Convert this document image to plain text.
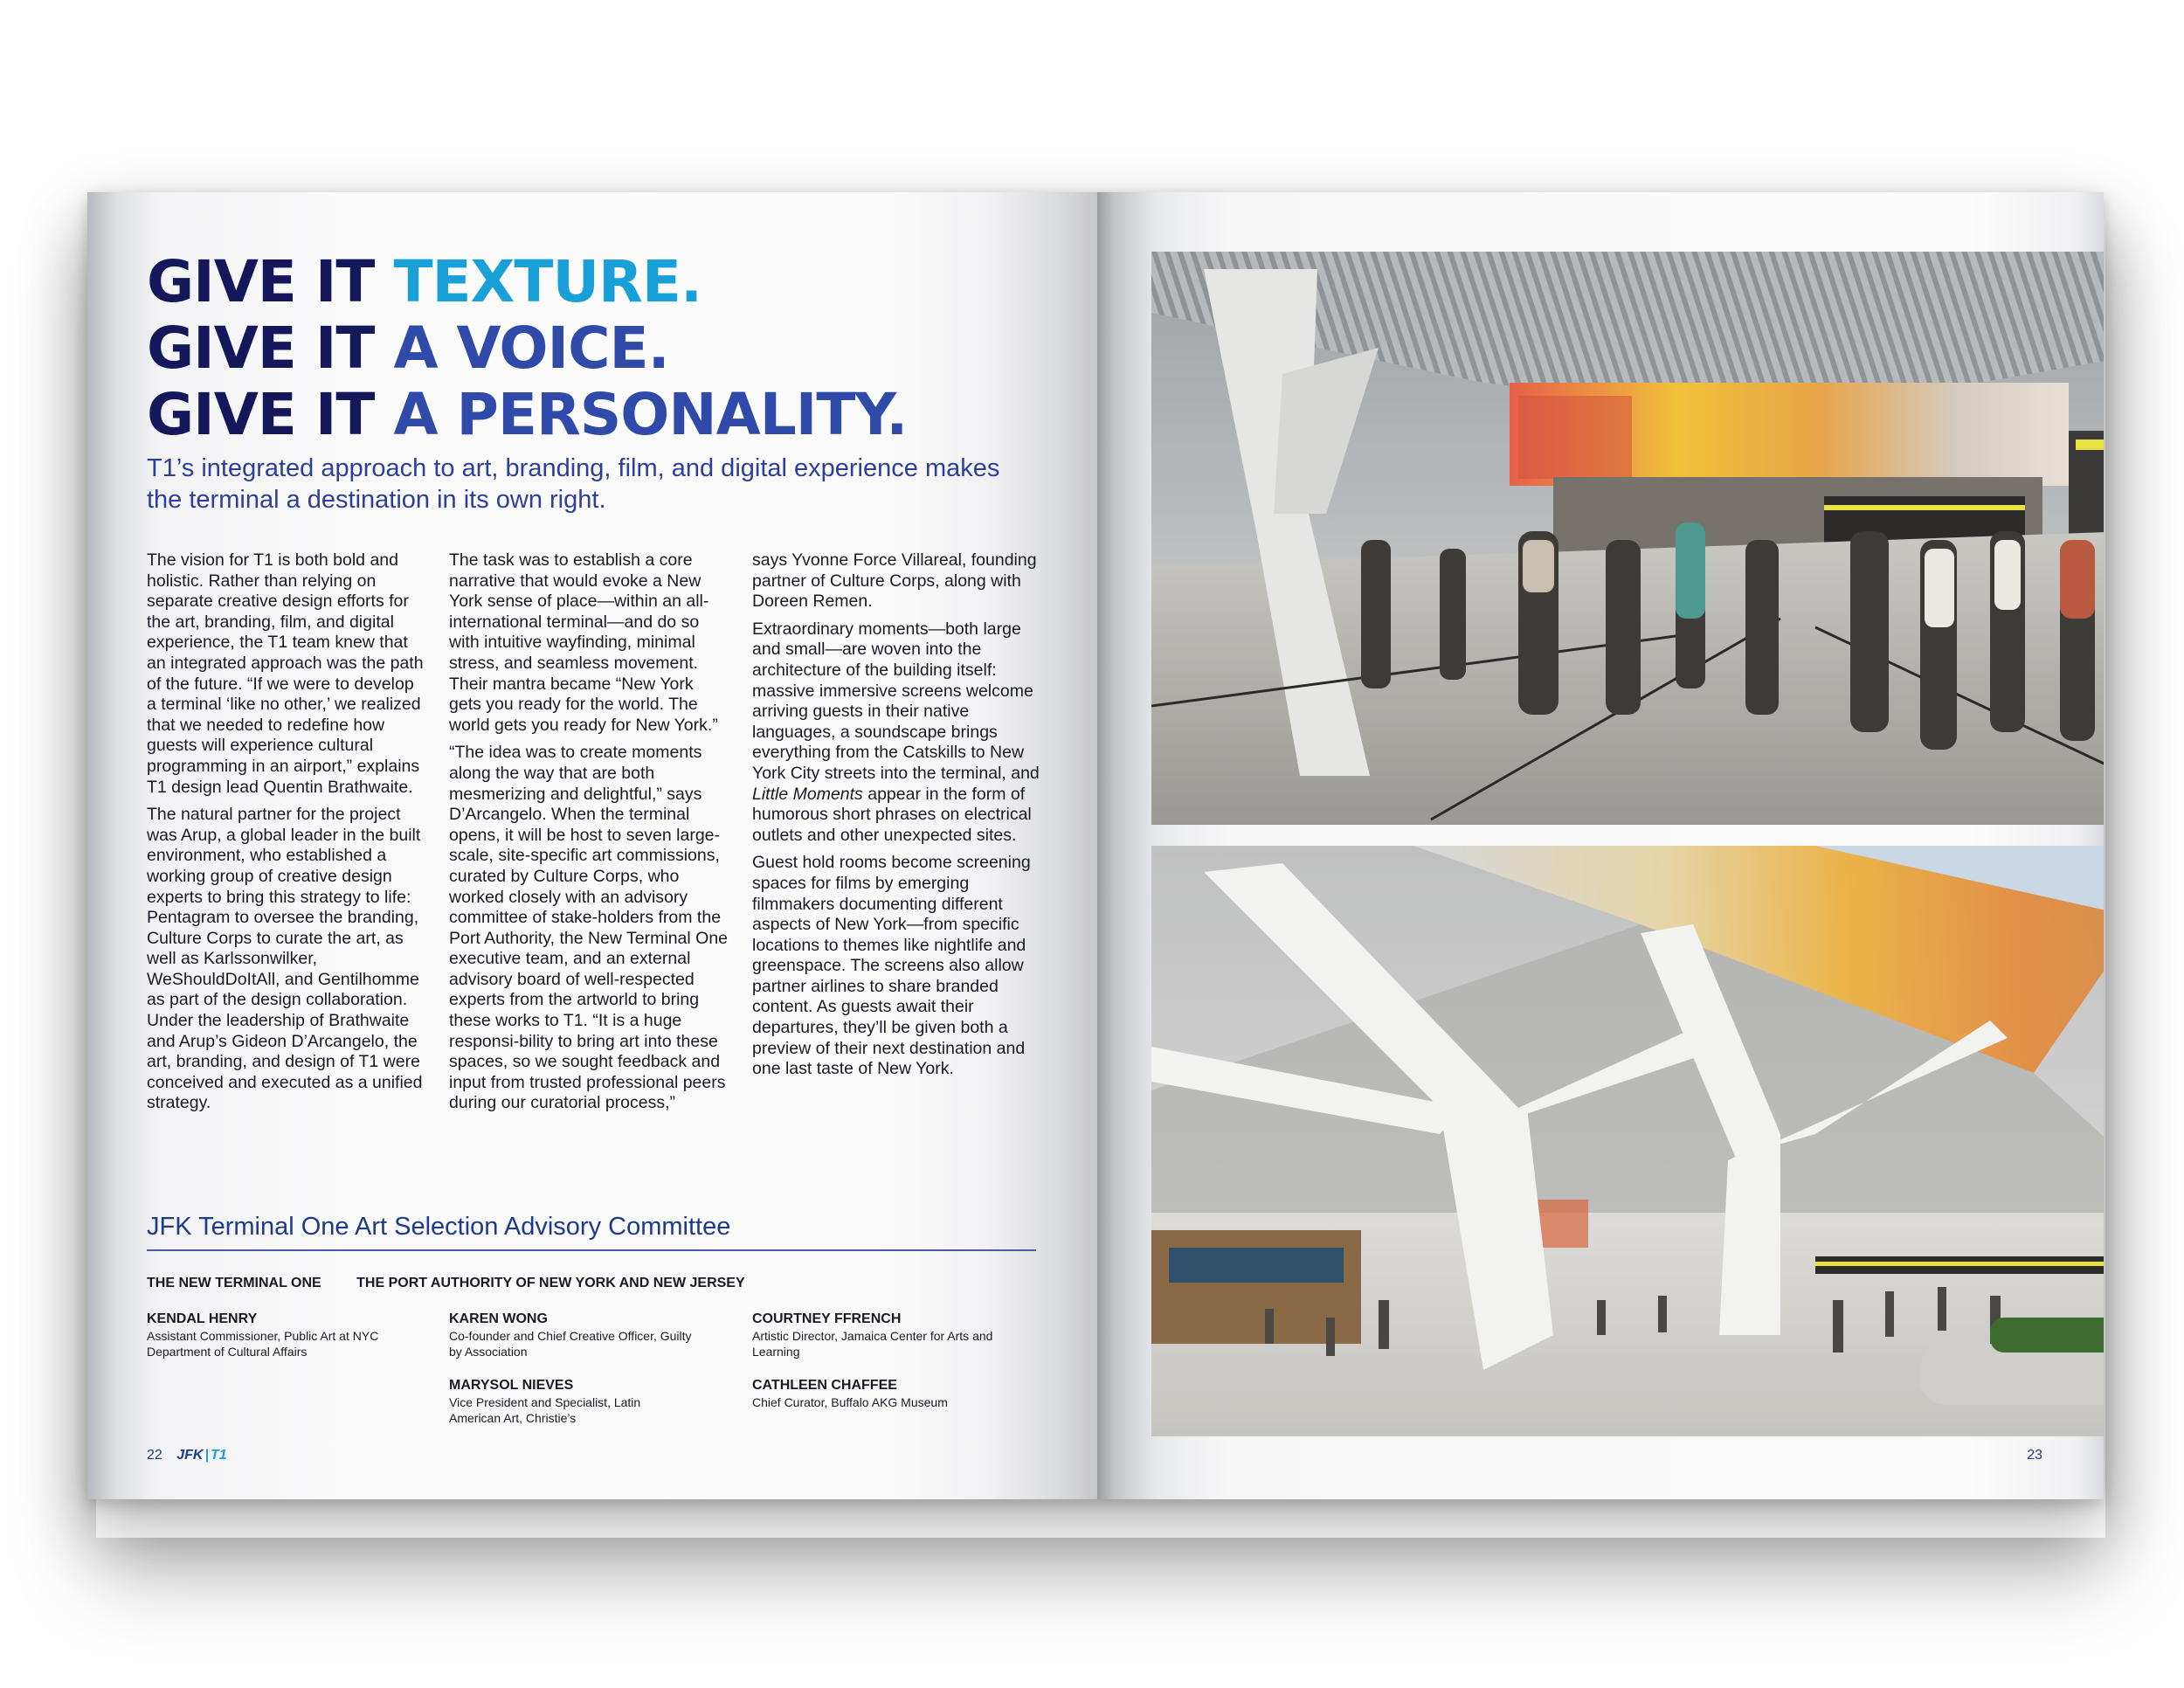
GIVE IT TEXTURE.
GIVE IT A VOICE.
GIVE IT A PERSONALITY.

T1’s integrated approach to art, branding, film, and digital experience makes the terminal a destination in its own right.

The vision for T1 is both bold and holistic. Rather than relying on separate creative design efforts for the art, branding, film, and digital experience, the T1 team knew that an integrated approach was the path of the future. “If we were to develop a terminal ‘like no other,’ we realized that we needed to redefine how guests will experience cultural programming in an airport,” explains T1 design lead Quentin Brathwaite.

The natural partner for the project was Arup, a global leader in the built environment, who established a working group of creative design experts to bring this strategy to life: Pentagram to oversee the branding, Culture Corps to curate the art, as well as Karlssonwilker, WeShouldDoItAll, and Gentilhomme as part of the design collaboration. Under the leadership of Brathwaite and Arup’s Gideon D’Arcangelo, the art, branding, and design of T1 were conceived and executed as a unified strategy.

The task was to establish a core narrative that would evoke a New York sense of place—within an all-international terminal—and do so with intuitive wayfinding, minimal stress, and seamless movement. Their mantra became “New York gets you ready for the world. The world gets you ready for New York.”

“The idea was to create moments along the way that are both mesmerizing and delightful,” says D’Arcangelo. When the terminal opens, it will be host to seven large-scale, site-specific art commissions, curated by Culture Corps, who worked closely with an advisory committee of stake-holders from the Port Authority, the New Terminal One executive team, and an external advisory board of well-respected experts from the artworld to bring these works to T1. “It is a huge responsi-bility to bring art into these spaces, so we sought feedback and input from trusted professional peers during our curatorial process,”

says Yvonne Force Villareal, founding partner of Culture Corps, along with Doreen Remen.

Extraordinary moments—both large and small—are woven into the architecture of the building itself: massive immersive screens welcome arriving guests in their native languages, a soundscape brings everything from the Catskills to New York City streets into the terminal, and Little Moments appear in the form of humorous short phrases on electrical outlets and other unexpected sites.

Guest hold rooms become screening spaces for films by emerging filmmakers documenting different aspects of New York—from specific locations to themes like nightlife and greenspace. The screens also allow partner airlines to share branded content. As guests await their departures, they’ll be given both a preview of their next destination and one last taste of New York.

JFK Terminal One Art Selection Advisory Committee
THE NEW TERMINAL ONE	THE PORT AUTHORITY OF NEW YORK AND NEW JERSEY
KENDAL HENRY
Assistant Commissioner, Public Art at NYC Department of Cultural Affairs
KAREN WONG
Co-founder and Chief Creative Officer, Guilty by Association
COURTNEY FFRENCH
Artistic Director, Jamaica Center for Arts and Learning
MARYSOL NIEVES
Vice President and Specialist, Latin American Art, Christie’s
CATHLEEN CHAFFEE
Chief Curator, Buffalo AKG Museum
22 JFK | T1	23
